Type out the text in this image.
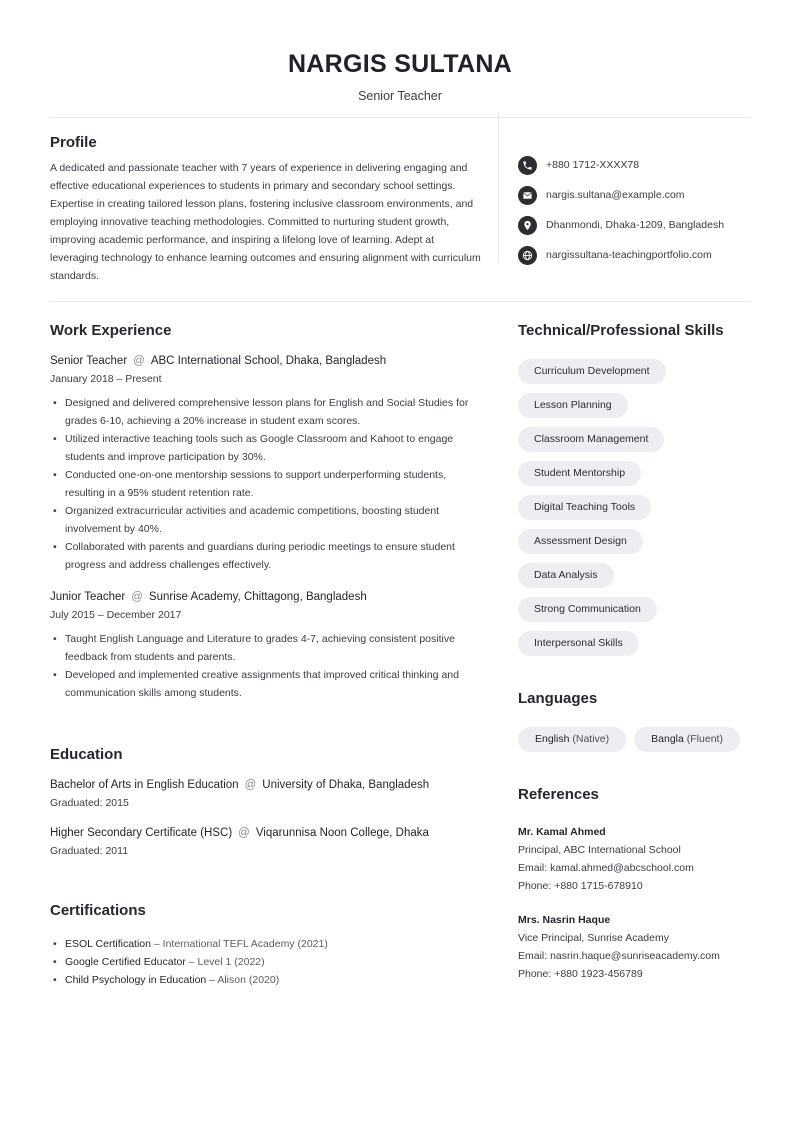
NARGIS SULTANA
Senior Teacher
Profile
A dedicated and passionate teacher with 7 years of experience in delivering engaging and effective educational experiences to students in primary and secondary school settings. Expertise in creating tailored lesson plans, fostering inclusive classroom environments, and employing innovative teaching methodologies. Committed to nurturing student growth, improving academic performance, and inspiring a lifelong love of learning. Adept at leveraging technology to enhance learning outcomes and ensuring alignment with curriculum standards.
+880 1712-XXXX78
nargis.sultana@example.com
Dhanmondi, Dhaka-1209, Bangladesh
nargissultana-teachingportfolio.com
Work Experience
Senior Teacher @ ABC International School, Dhaka, Bangladesh
January 2018 – Present
• Designed and delivered comprehensive lesson plans for English and Social Studies for grades 6-10, achieving a 20% increase in student exam scores.
• Utilized interactive teaching tools such as Google Classroom and Kahoot to engage students and improve participation by 30%.
• Conducted one-on-one mentorship sessions to support underperforming students, resulting in a 95% student retention rate.
• Organized extracurricular activities and academic competitions, boosting student involvement by 40%.
• Collaborated with parents and guardians during periodic meetings to ensure student progress and address challenges effectively.
Junior Teacher @ Sunrise Academy, Chittagong, Bangladesh
July 2015 – December 2017
• Taught English Language and Literature to grades 4-7, achieving consistent positive feedback from students and parents.
• Developed and implemented creative assignments that improved critical thinking and communication skills among students.
Education
Bachelor of Arts in English Education @ University of Dhaka, Bangladesh
Graduated: 2015
Higher Secondary Certificate (HSC) @ Viqarunnisa Noon College, Dhaka
Graduated: 2011
Certifications
• ESOL Certification – International TEFL Academy (2021)
• Google Certified Educator – Level 1 (2022)
• Child Psychology in Education – Alison (2020)
Technical/Professional Skills
Curriculum Development
Lesson Planning
Classroom Management
Student Mentorship
Digital Teaching Tools
Assessment Design
Data Analysis
Strong Communication
Interpersonal Skills
Languages
English (Native)	Bangla (Fluent)
References
Mr. Kamal Ahmed
Principal, ABC International School
Email: kamal.ahmed@abcschool.com
Phone: +880 1715-678910
Mrs. Nasrin Haque
Vice Principal, Sunrise Academy
Email: nasrin.haque@sunriseacademy.com
Phone: +880 1923-456789
